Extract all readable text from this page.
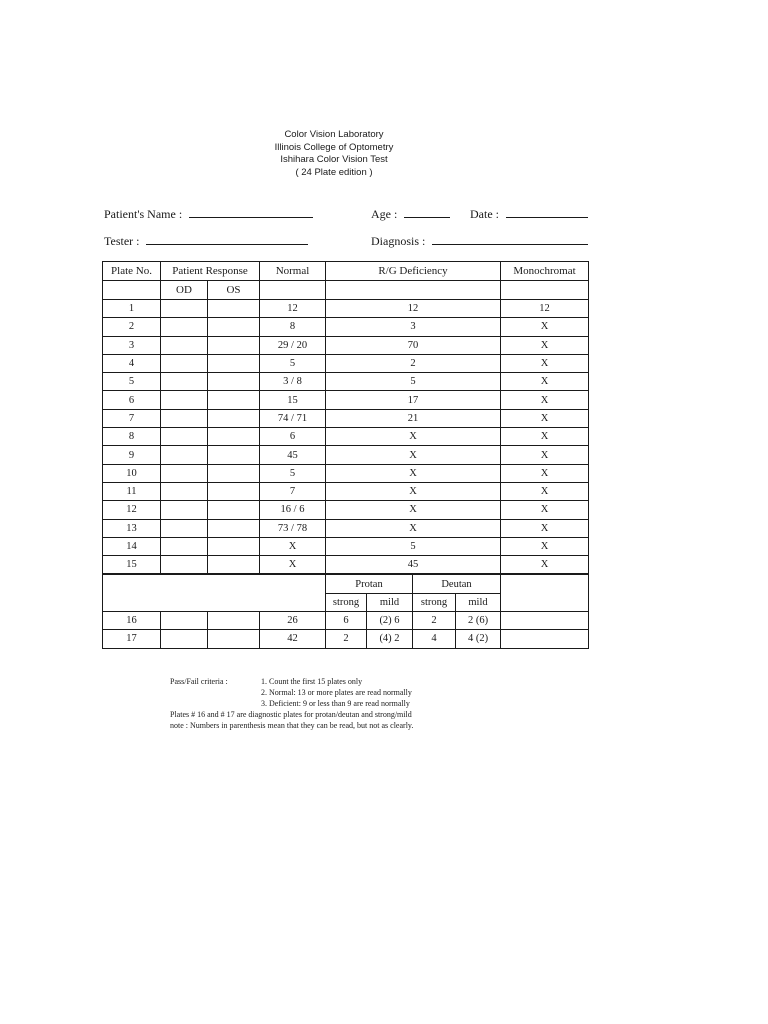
Color Vision Laboratory
Illinois College of Optometry
Ishihara Color Vision Test
( 24 Plate edition )
Patient's Name :	Age :	Date :
Tester :	Diagnosis :
Plate No.	Patient Response		Normal	R/G Deficiency				Monochromat
	OD	OS						
1			12	12				12
2			8	3				X
3			29 / 20	70				X
4			5	2				X
5			3 / 8	5				X
6			15	17				X
7			74 / 71	21				X
8			6	X				X
9			45	X				X
10			5	X				X
11			7	X				X
12			16 / 6	X				X
13			73 / 78	X				X
14			X	5				X
15			X	45				X
				Protan		Deutan		
				strong	mild	strong	mild	
16			26	6	(2) 6	2	2 (6)	
17			42	2	(4) 2	4	4 (2)	
Pass/Fail criteria :	1. Count the first 15 plates only
2. Normal: 13 or more plates are read normally
3. Deficient: 9 or less than 9 are read normally
Plates # 16 and # 17 are diagnostic plates for protan/deutan and strong/mild
note : Numbers in parenthesis mean that they can be read, but not as clearly.
